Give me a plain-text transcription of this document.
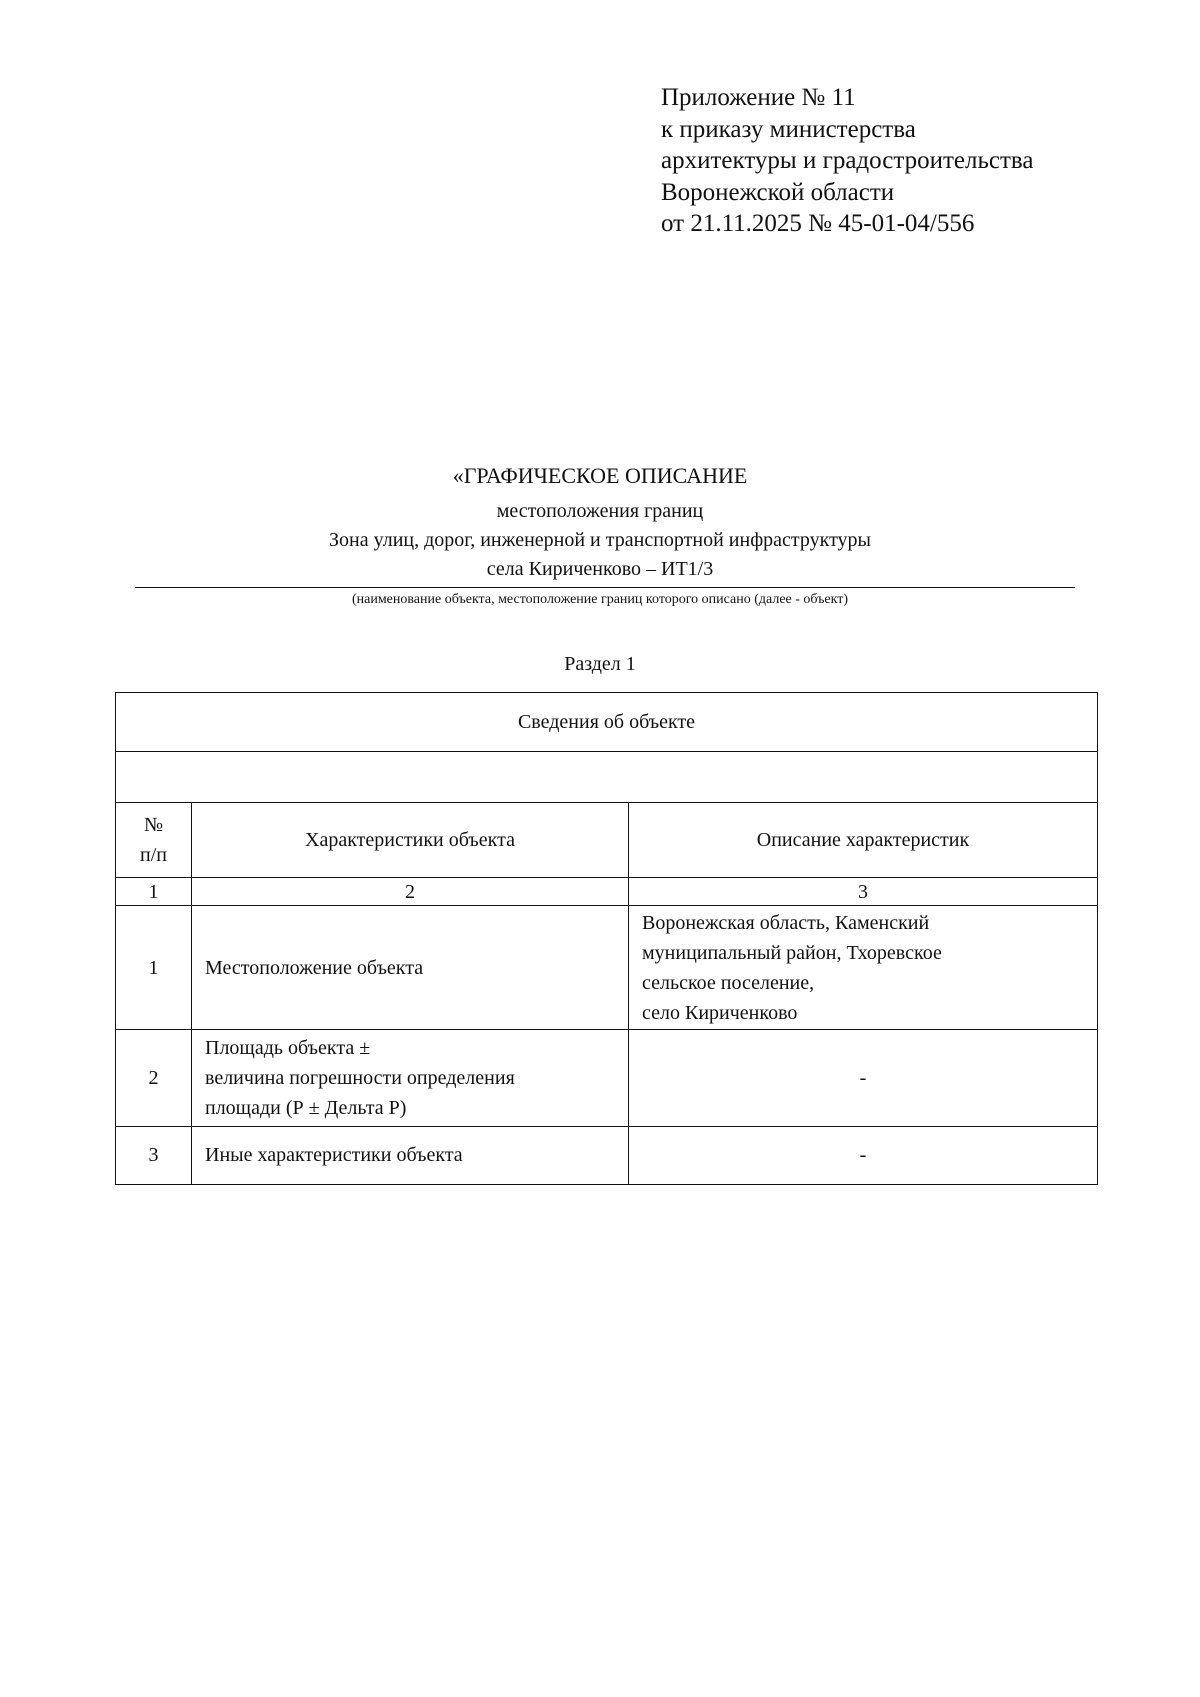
Приложение № 11
к приказу министерства
архитектуры и градостроительства
Воронежской области
от 21.11.2025 № 45-01-04/556
«ГРАФИЧЕСКОЕ ОПИСАНИЕ
местоположения границ
Зона улиц, дорог, инженерной и транспортной инфраструктуры
села Кириченково – ИТ1/3
(наименование объекта, местоположение границ которого описано (далее - объект)
Раздел 1
Сведения об объекте		

№
п/п	Характеристики объекта	Описание характеристик
1	2	3
1	Местоположение объекта	Воронежская область, Каменский
муниципальный район, Тхоревское
сельское поселение,
село Кириченково
2	Площадь объекта ±
величина погрешности определения
площади (Р ± Дельта Р)	-
3	Иные характеристики объекта	-
